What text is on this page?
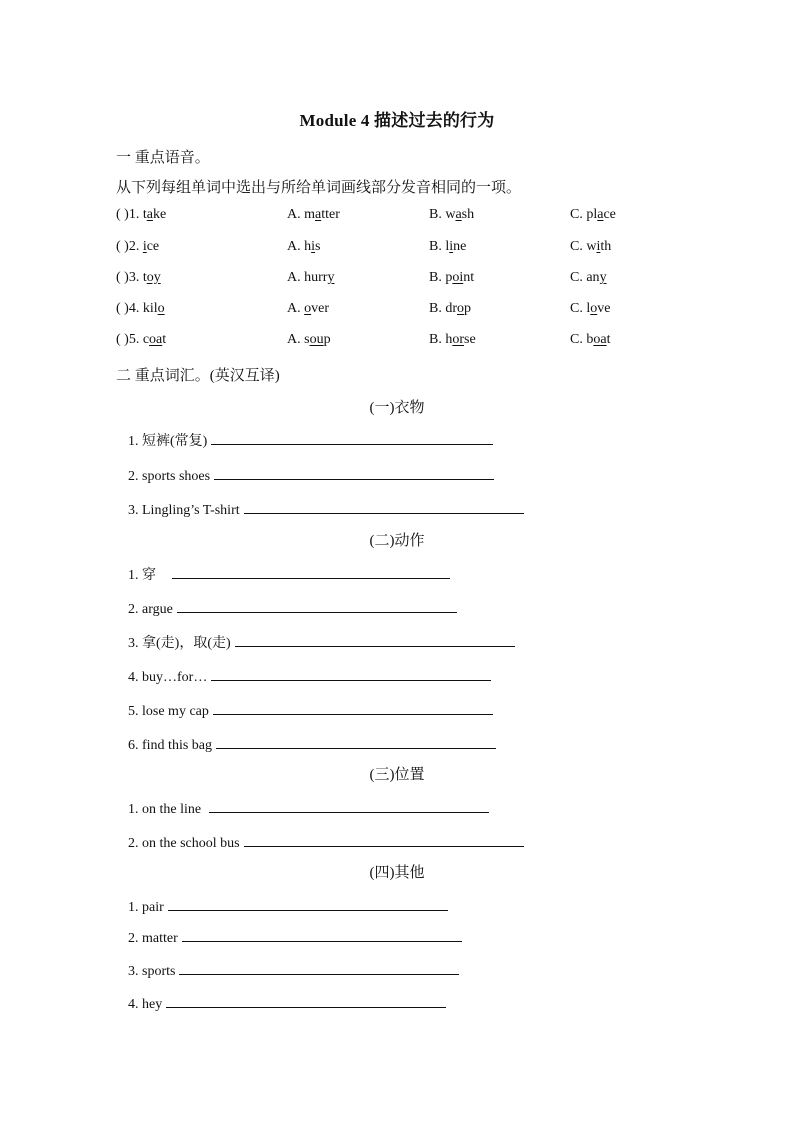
Module 4 描述过去的行为
一 重点语音。
从下列每组单词中选出与所给单词画线部分发音相同的一项。
( )1. take	A. matter	B. wash	C. place
( )2. ice	A. his	B. line	C. with
( )3. toy	A. hurry	B. point	C. any
( )4. kilo	A. over	B. drop	C. love
( )5. coat	A. soup	B. horse	C. boat
二 重点词汇。(英汉互译)
(一)衣物
1. 短裤(常复)
2. sports shoes
3. Lingling’s T-shirt
(二)动作
1. 穿
2. argue
3. 拿(走)，取(走)
4. buy…for…
5. lose my cap
6. find this bag
(三)位置
1. on the line
2. on the school bus
(四)其他
1. pair
2. matter
3. sports
4. hey
